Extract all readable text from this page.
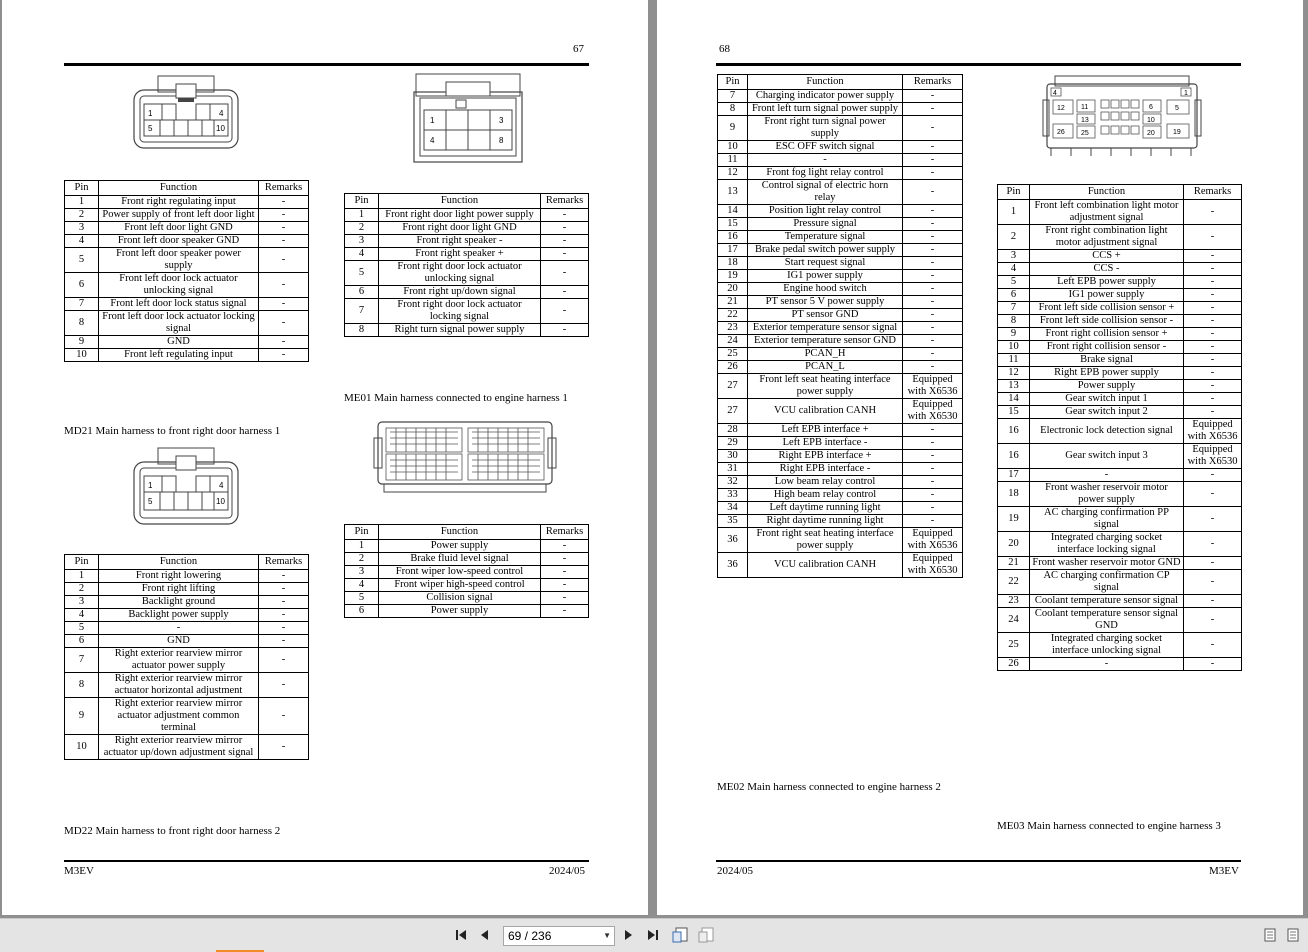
67
1	4
5	10
Pin	Function	Remarks
1	Front right regulating input	-
2	Power supply of front left door light	-
3	Front left door light GND	-
4	Front left door speaker GND	-
5	Front left door speaker power supply	-
6	Front left door lock actuator unlocking signal	-
7	Front left door lock status signal	-
8	Front left door lock actuator locking signal	-
9	GND	-
10	Front left regulating input	-
MD21 Main harness to front right door harness 1
1	4
5	10
Pin	Function	Remarks
1	Front right lowering	-
2	Front right lifting	-
3	Backlight ground	-
4	Backlight power supply	-
5	-	-
6	GND	-
7	Right exterior rearview mirror actuator power supply	-
8	Right exterior rearview mirror actuator horizontal adjustment	-
9	Right exterior rearview mirror actuator adjustment common terminal	-
10	Right exterior rearview mirror actuator up/down adjustment signal	-
MD22 Main harness to front right door harness 2
1	3
4	8
Pin	Function	Remarks
1	Front right door light power supply	-
2	Front right door light GND	-
3	Front right speaker -	-
4	Front right speaker +	-
5	Front right door lock actuator unlocking signal	-
6	Front right up/down signal	-
7	Front right door lock actuator locking signal	-
8	Right turn signal power supply	-
ME01 Main harness connected to engine harness 1
Pin	Function	Remarks
1	Power supply	-
2	Brake fluid level signal	-
3	Front wiper low-speed control	-
4	Front wiper high-speed control	-
5	Collision signal	-
6	Power supply	-
M3EV	2024/05
68
Pin	Function	Remarks
7	Charging indicator power supply	-
8	Front left turn signal power supply	-
9	Front right turn signal power supply	-
10	ESC OFF switch signal	-
11	-	-
12	Front fog light relay control	-
13	Control signal of electric horn relay	-
14	Position light relay control	-
15	Pressure signal	-
16	Temperature signal	-
17	Brake pedal switch power supply	-
18	Start request signal	-
19	IG1 power supply	-
20	Engine hood switch	-
21	PT sensor 5 V power supply	-
22	PT sensor GND	-
23	Exterior temperature sensor signal	-
24	Exterior temperature sensor GND	-
25	PCAN_H	-
26	PCAN_L	-
27	Front left seat heating interface power supply	Equipped with X6536
27	VCU calibration CANH	Equipped with X6530
28	Left EPB interface +	-
29	Left EPB interface -	-
30	Right EPB interface +	-
31	Right EPB interface -	-
32	Low beam relay control	-
33	High beam relay control	-
34	Left daytime running light	-
35	Right daytime running light	-
36	Front right seat heating interface power supply	Equipped with X6536
36	VCU calibration CANH	Equipped with X6530
ME02 Main harness connected to engine harness 2
4	1
12 11	6	5
26 25	20	19
10
13
Pin	Function	Remarks
1	Front left combination light motor adjustment signal	-
2	Front right combination light motor adjustment signal	-
3	CCS +	-
4	CCS -	-
5	Left EPB power supply	-
6	IG1 power supply	-
7	Front left side collision sensor +	-
8	Front left side collision sensor -	-
9	Front right collision sensor +	-
10	Front right collision sensor -	-
11	Brake signal	-
12	Right EPB power supply	-
13	Power supply	-
14	Gear switch input 1	-
15	Gear switch input 2	-
16	Electronic lock detection signal	Equipped with X6536
16	Gear switch input 3	Equipped with X6530
17	-	-
18	Front washer reservoir motor power supply	-
19	AC charging confirmation PP signal	-
20	Integrated charging socket interface locking signal	-
21	Front washer reservoir motor GND	-
22	AC charging confirmation CP signal	-
23	Coolant temperature sensor signal	-
24	Coolant temperature sensor signal GND	-
25	Integrated charging socket interface unlocking signal	-
26	-	-
ME03 Main harness connected to engine harness 3
2024/05	M3EV
69 / 236	▼
